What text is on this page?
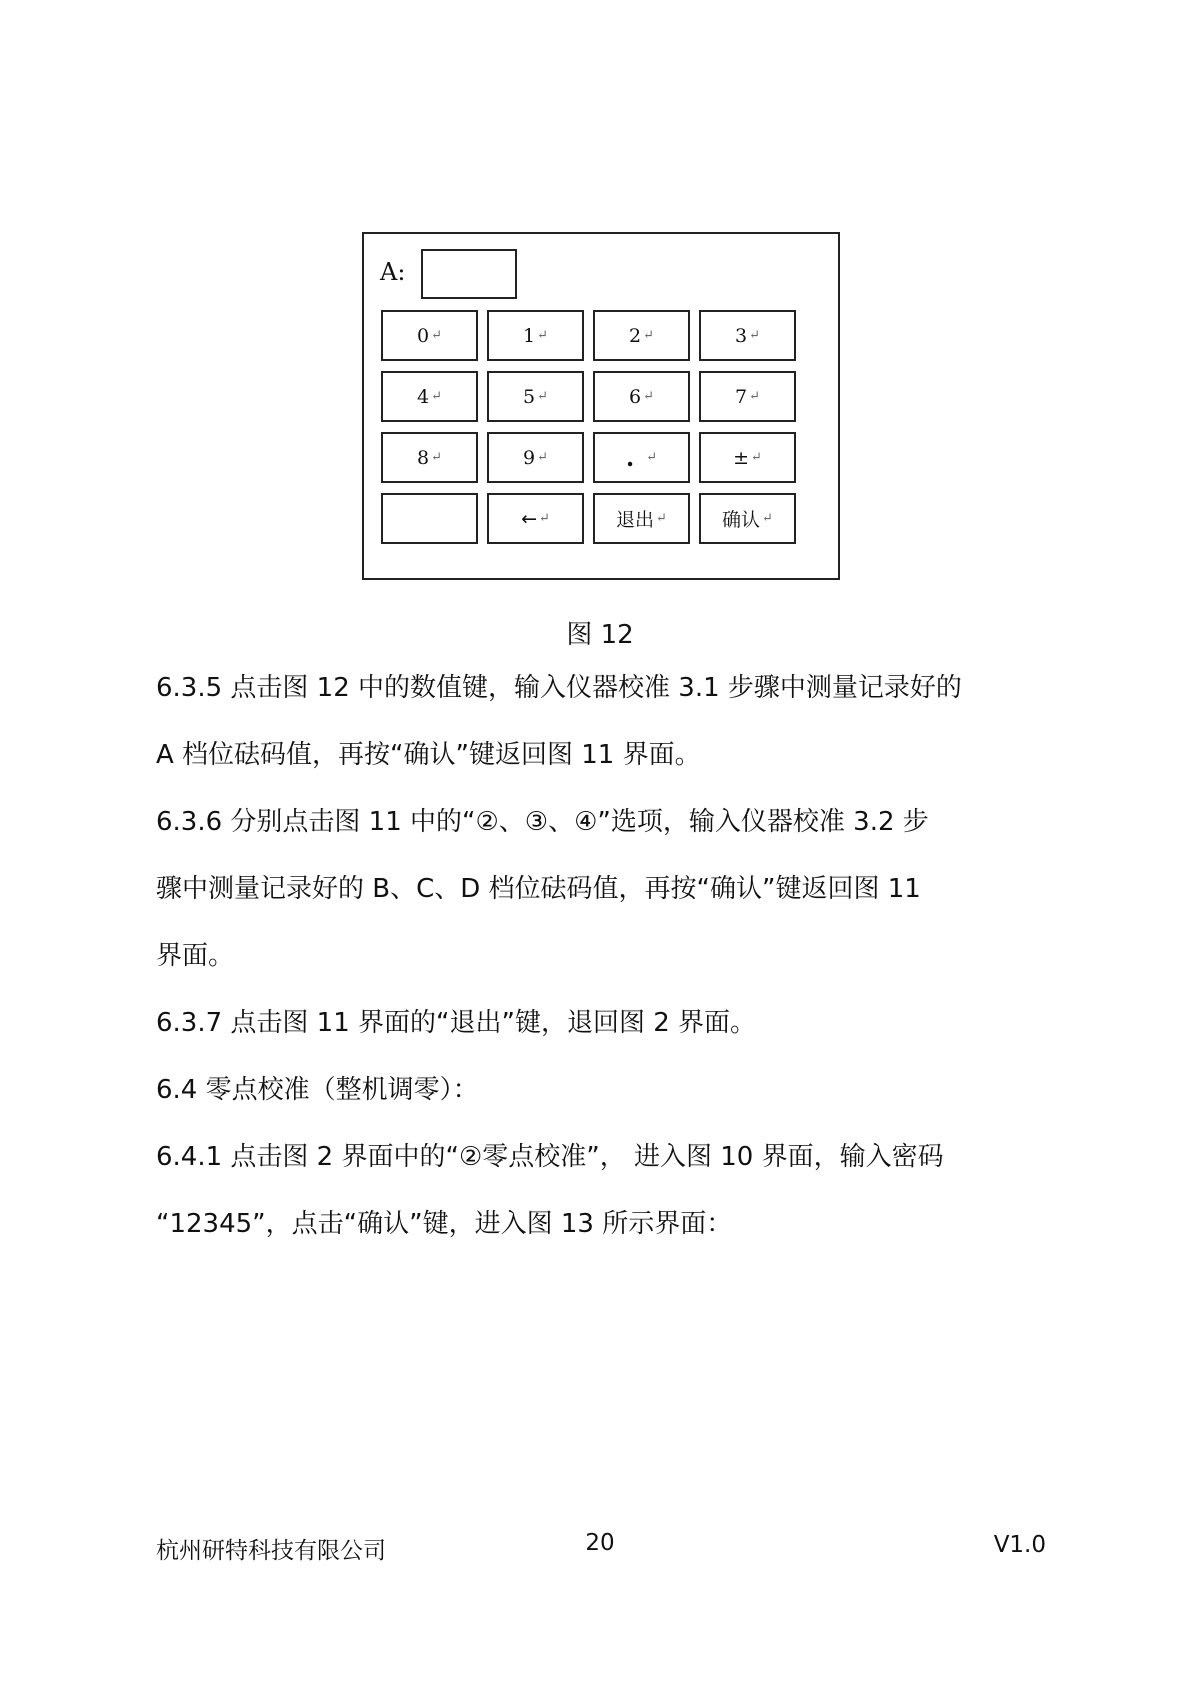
A:
0 ↵	1 ↵	2 ↵	3 ↵
4 ↵	5 ↵	6 ↵	7 ↵
8 ↵	9 ↵	. ↵	± ↵
← ↵	退出 ↵	确认 ↵
图 12
6.3.5 点击图 12 中的数值键，输入仪器校准 3.1 步骤中测量记录好的
A 档位砝码值，再按“确认”键返回图 11 界面。
6.3.6 分别点击图 11 中的“②、③、④”选项，输入仪器校准 3.2 步
骤中测量记录好的 B、C、D 档位砝码值，再按“确认”键返回图 11
界面。
6.3.7 点击图 11 界面的“退出”键，退回图 2 界面。
6.4 零点校准（整机调零）：
6.4.1 点击图 2 界面中的“②零点校准”， 进入图 10 界面，输入密码
“12345”，点击“确认”键，进入图 13 所示界面：
杭州研特科技有限公司	20	V1.0
